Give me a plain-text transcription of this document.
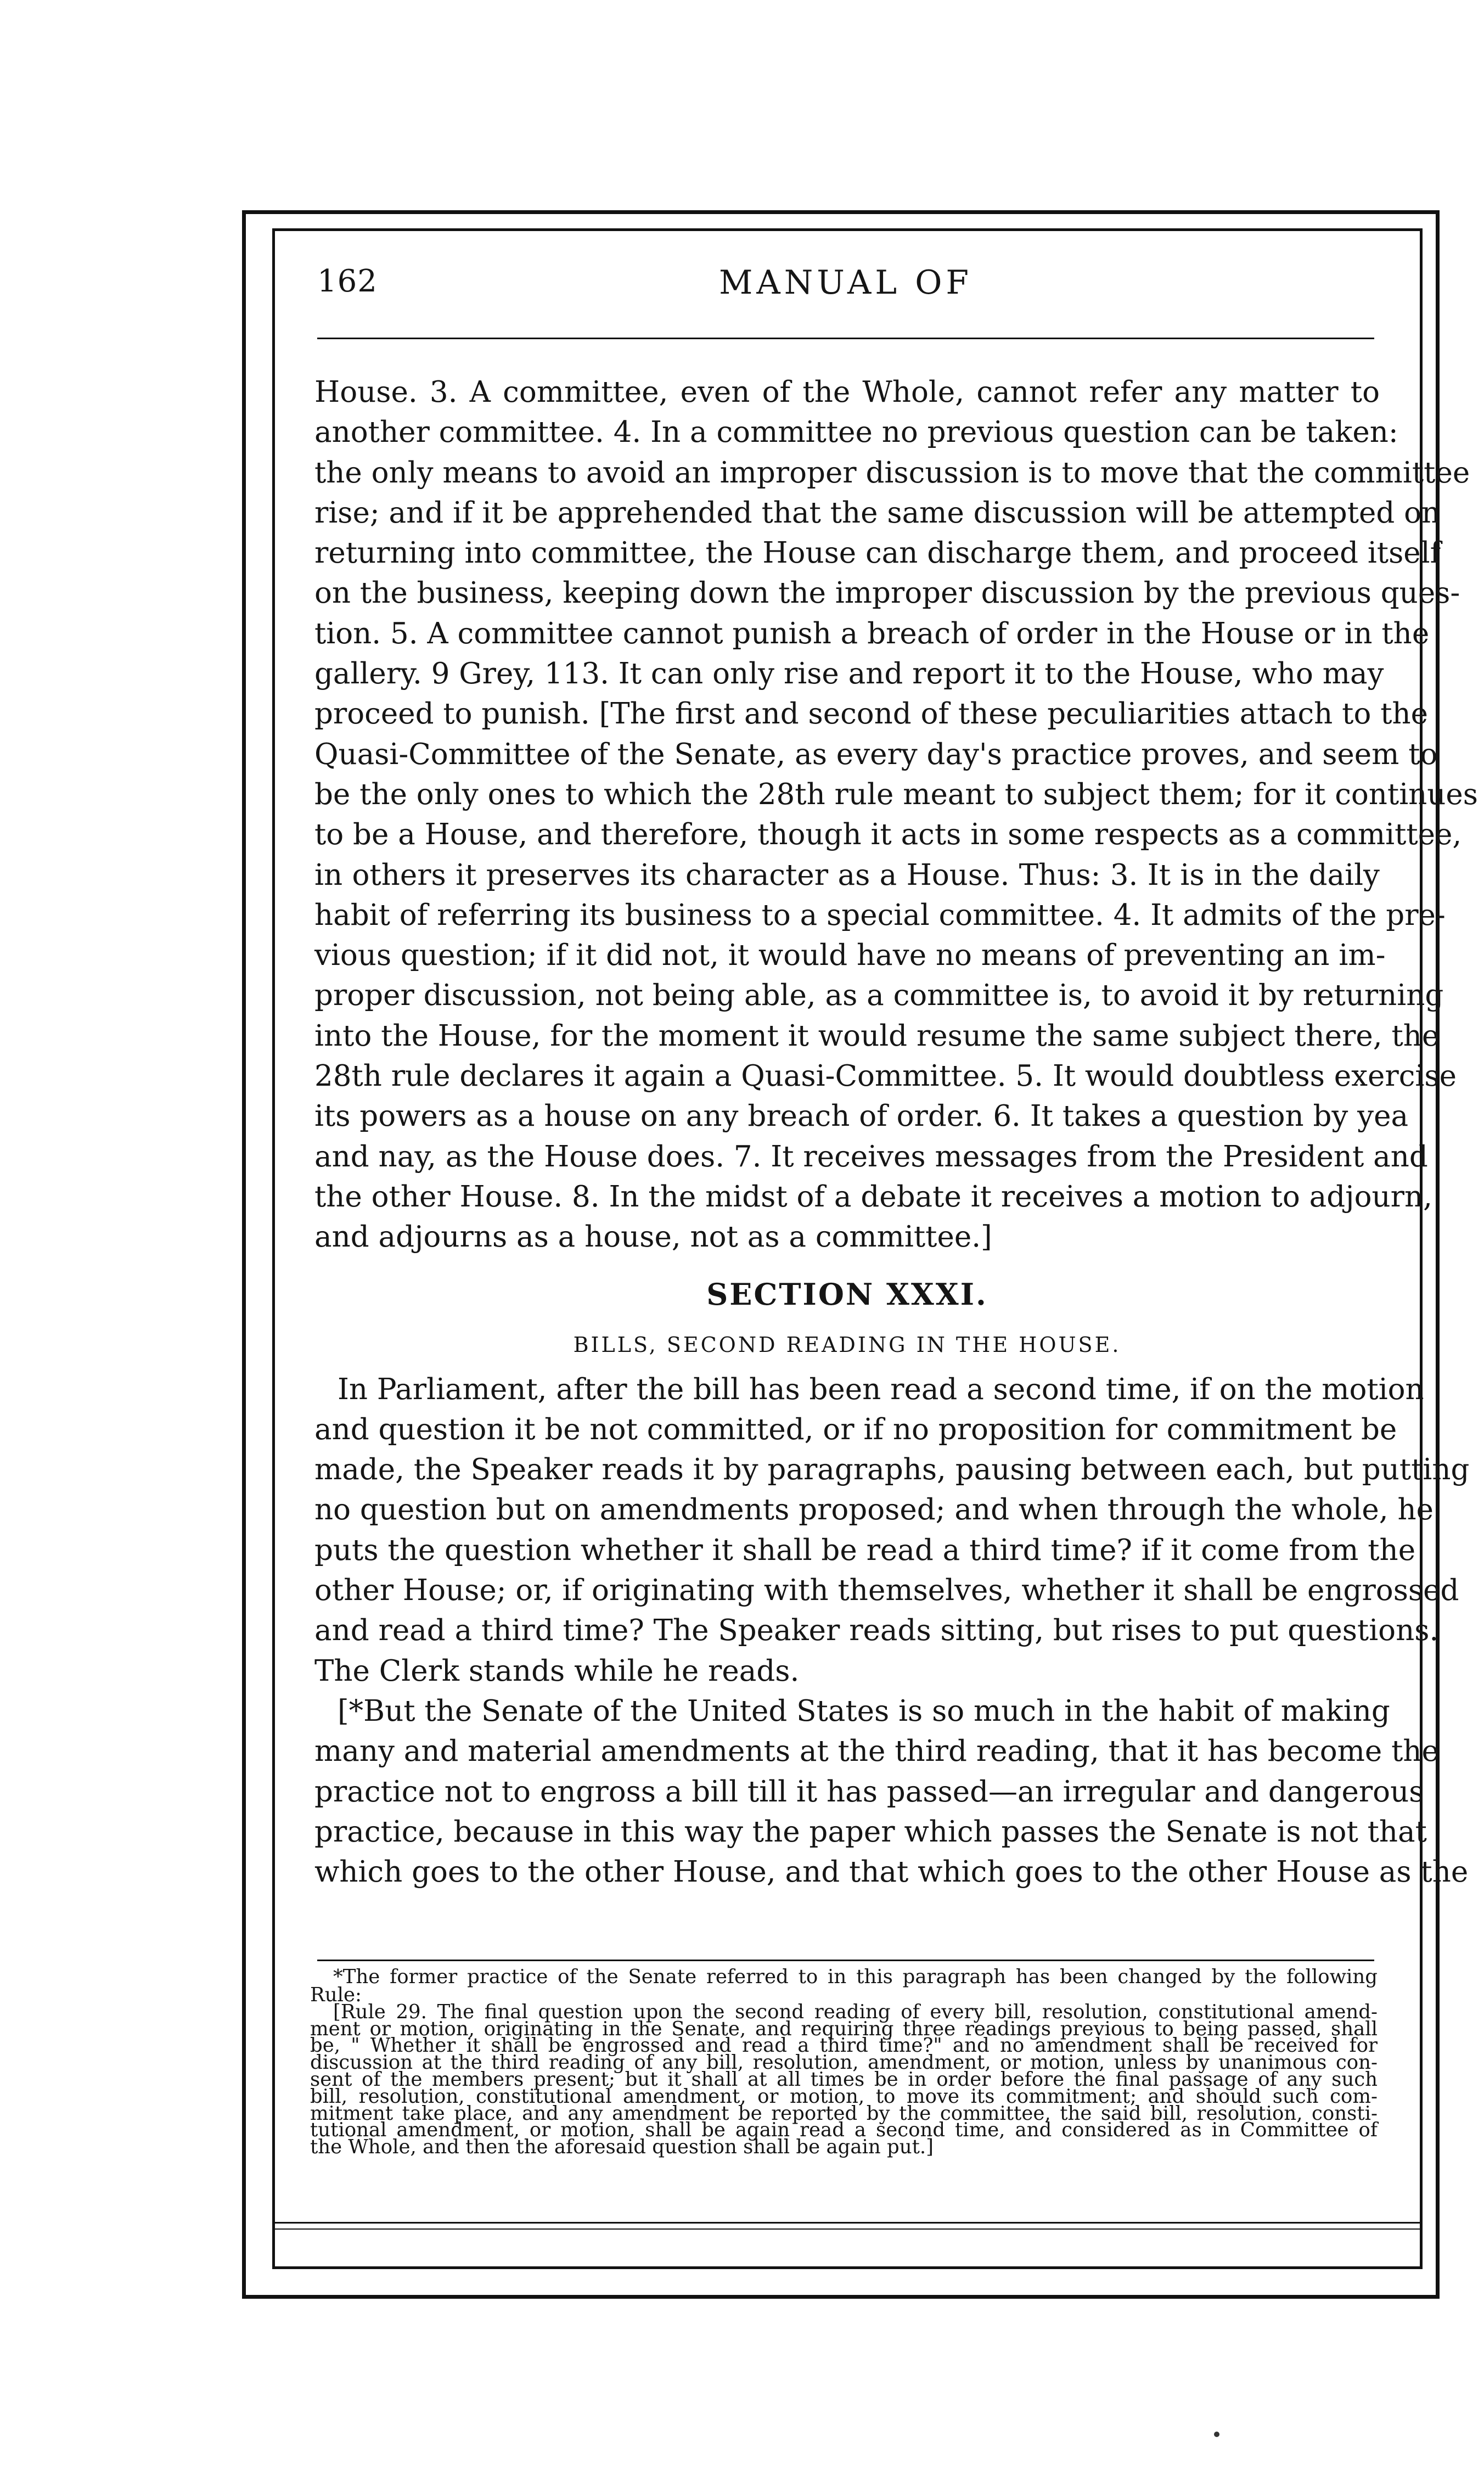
162	MANUAL OF

House. 3. A committee, even of the Whole, cannot refer any matter to

another committee. 4. In a committee no previous question can be taken:

the only means to avoid an improper discussion is to move that the committee

rise; and if it be apprehended that the same discussion will be attempted on

returning into committee, the House can discharge them, and proceed itself

on the business, keeping down the improper discussion by the previous ques-

tion. 5. A committee cannot punish a breach of order in the House or in the

gallery. 9 Grey, 113. It can only rise and report it to the House, who may

proceed to punish. [The first and second of these peculiarities attach to the

Quasi-Committee of the Senate, as every day's practice proves, and seem to

be the only ones to which the 28th rule meant to subject them; for it continues

to be a House, and therefore, though it acts in some respects as a committee,

in others it preserves its character as a House. Thus: 3. It is in the daily

habit of referring its business to a special committee. 4. It admits of the pre-

vious question; if it did not, it would have no means of preventing an im-

proper discussion, not being able, as a committee is, to avoid it by returning

into the House, for the moment it would resume the same subject there, the

28th rule declares it again a Quasi-Committee. 5. It would doubtless exercise

its powers as a house on any breach of order. 6. It takes a question by yea

and nay, as the House does. 7. It receives messages from the President and

the other House. 8. In the midst of a debate it receives a motion to adjourn,

and adjourns as a house, not as a committee.]

SECTION XXXI.
BILLS, SECOND READING IN THE HOUSE.

In Parliament, after the bill has been read a second time, if on the motion

and question it be not committed, or if no proposition for commitment be

made, the Speaker reads it by paragraphs, pausing between each, but putting

no question but on amendments proposed; and when through the whole, he

puts the question whether it shall be read a third time? if it come from the

other House; or, if originating with themselves, whether it shall be engrossed

and read a third time? The Speaker reads sitting, but rises to put questions.

The Clerk stands while he reads.

[*But the Senate of the United States is so much in the habit of making

many and material amendments at the third reading, that it has become the

practice not to engross a bill till it has passed—an irregular and dangerous

practice, because in this way the paper which passes the Senate is not that

which goes to the other House, and that which goes to the other House as the

*The former practice of the Senate referred to in this paragraph has been changed by the following

Rule:

[Rule 29. The final question upon the second reading of every bill, resolution, constitutional amend-

ment or motion, originating in the Senate, and requiring three readings previous to being passed, shall

be, " Whether it shall be engrossed and read a third time?" and no amendment shall be received for

discussion at the third reading of any bill, resolution, amendment, or motion, unless by unanimous con-

sent of the members present; but it shall at all times be in order before the final passage of any such

bill, resolution, constitutional amendment, or motion, to move its commitment; and should such com-

mitment take place, and any amendment be reported by the committee, the said bill, resolution, consti-

tutional amendment, or motion, shall be again read a second time, and considered as in Committee of

the Whole, and then the aforesaid question shall be again put.]
